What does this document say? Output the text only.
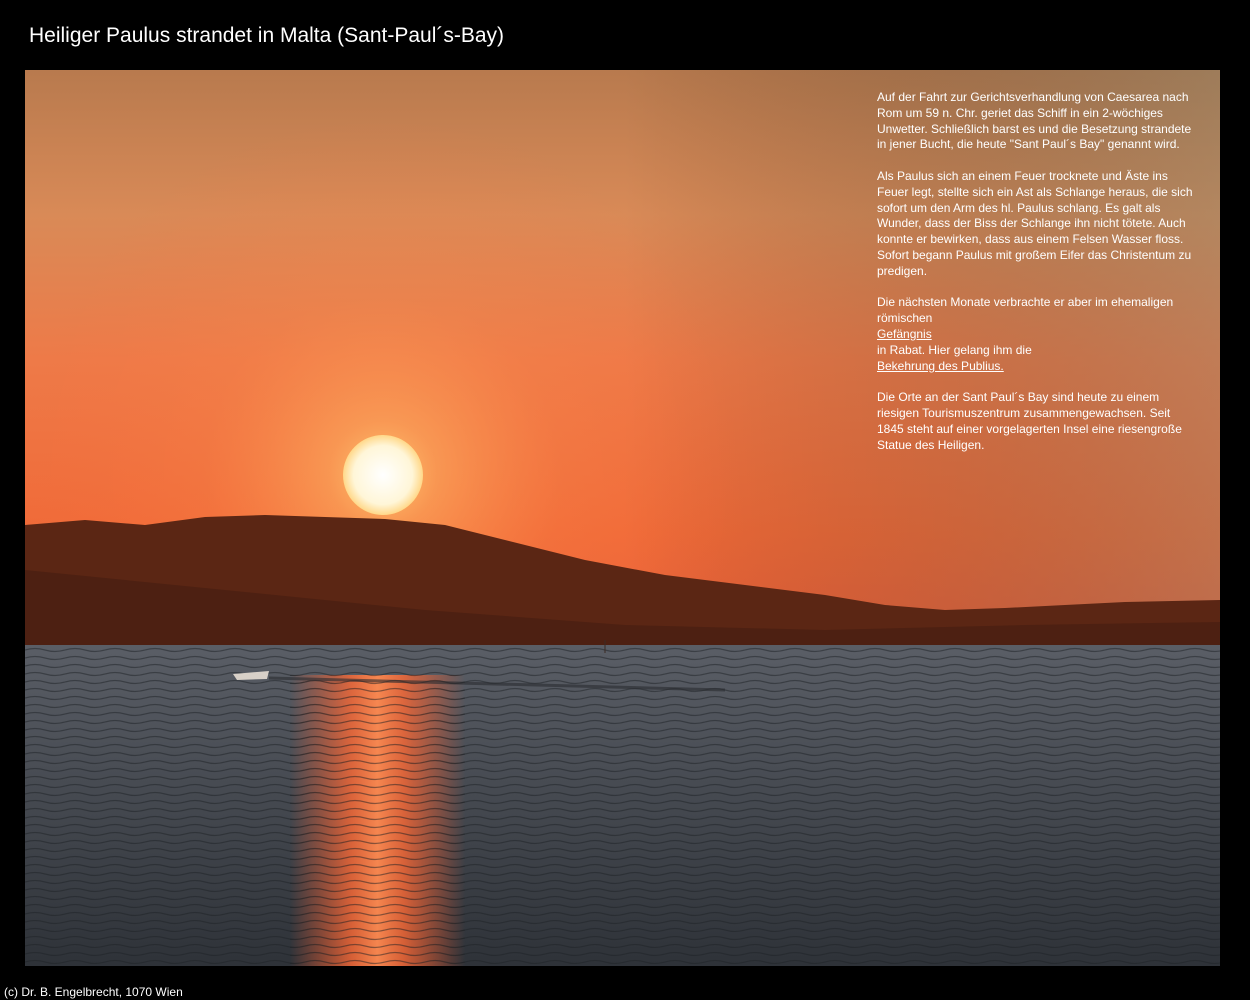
Heiliger Paulus strandet in Malta (Sant-Paul´s-Bay)

Auf der Fahrt zur Gerichtsverhandlung von Caesarea nach Rom um 59 n. Chr. geriet das Schiff in ein 2-wöchiges Unwetter. Schließlich barst es und die Besetzung strandete in jener Bucht, die heute "Sant Paul´s Bay" genannt wird.

Als Paulus sich an einem Feuer trocknete und Äste ins Feuer legt, stellte sich ein Ast als Schlange heraus, die sich sofort um den Arm des hl. Paulus schlang. Es galt als Wunder, dass der Biss der Schlange ihn nicht tötete. Auch konnte er bewirken, dass aus einem Felsen Wasser floss. Sofort begann Paulus mit großem Eifer das Christentum zu predigen.

Die nächsten Monate verbrachte er aber im ehemaligen römischen
Gefängnis
in Rabat. Hier gelang ihm die
Bekehrung des Publius.

Die Orte an der Sant Paul´s Bay sind heute zu einem riesigen Tourismuszentrum zusammengewachsen. Seit 1845 steht auf einer vorgelagerten Insel eine riesengroße Statue des Heiligen.

(c) Dr. B. Engelbrecht, 1070 Wien
